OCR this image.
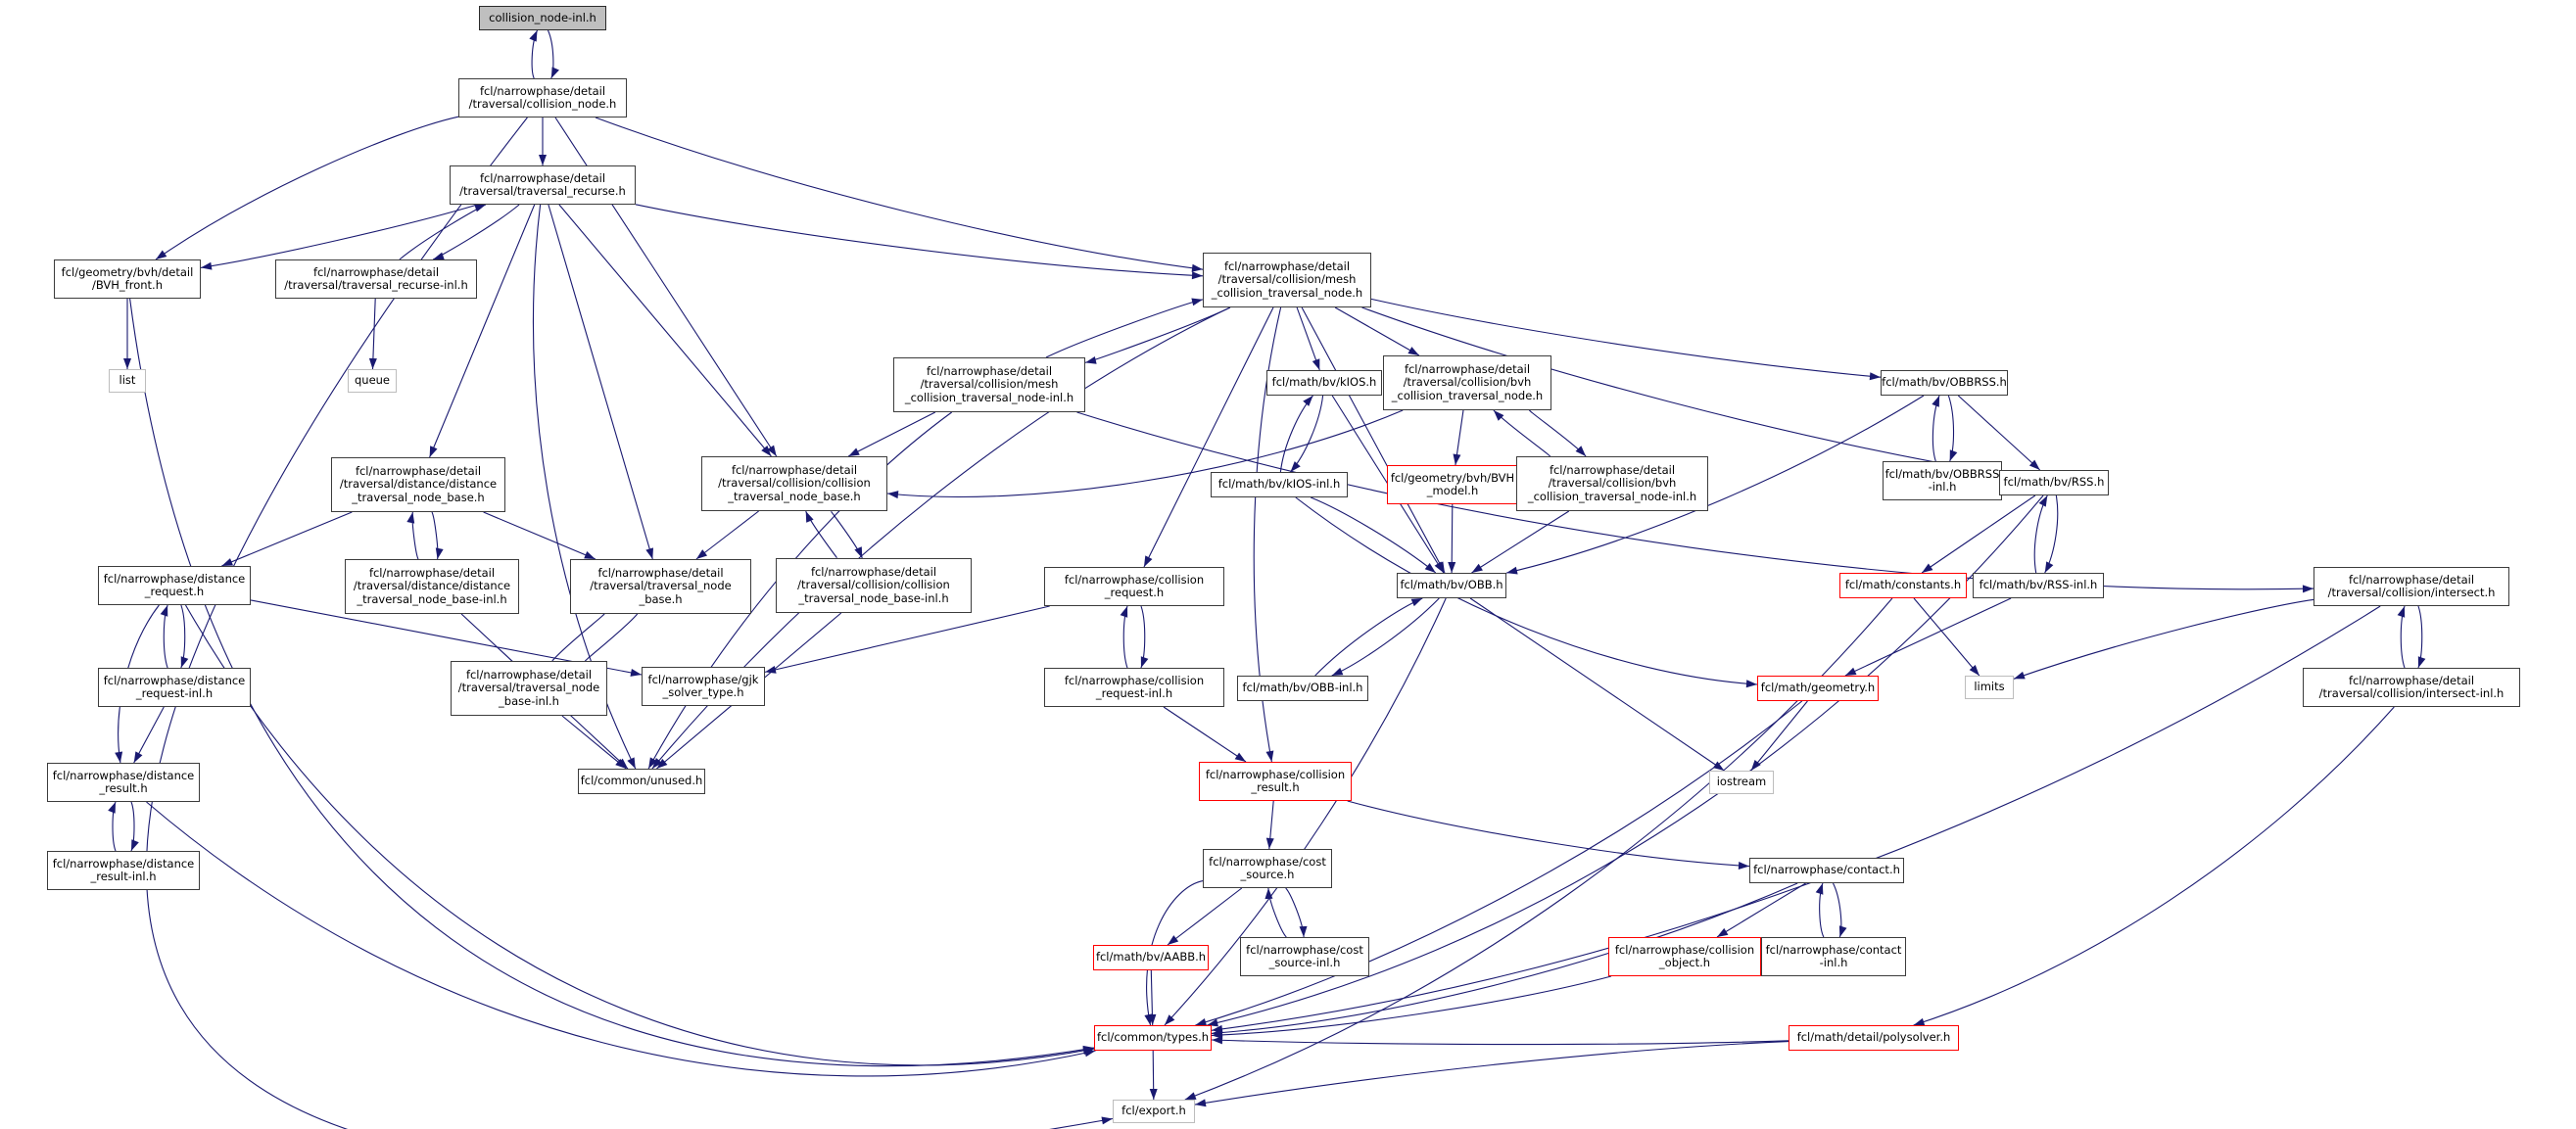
collision_node-inl.h
fcl/narrowphase/detail
/traversal/collision_node.h
fcl/narrowphase/detail
/traversal/traversal_recurse.h
fcl/geometry/bvh/detail
/BVH_front.h
list
fcl/narrowphase/detail
/traversal/traversal_recurse-inl.h
queue
fcl/narrowphase/detail
/traversal/collision/mesh
_collision_traversal_node.h
fcl/narrowphase/detail
/traversal/collision/mesh
_collision_traversal_node-inl.h
fcl/math/bv/kIOS.h
fcl/narrowphase/detail
/traversal/collision/bvh
_collision_traversal_node.h
fcl/math/bv/OBBRSS.h
fcl/math/bv/kIOS-inl.h	fcl/geometry/bvh/BVH
_model.h
fcl/narrowphase/detail
/traversal/collision/bvh
_collision_traversal_node-inl.h
fcl/math/bv/OBBRSS
-inl.h	fcl/math/bv/RSS.h
fcl/narrowphase/detail
/traversal/distance/distance
_traversal_node_base.h
fcl/narrowphase/detail
/traversal/collision/collision
_traversal_node_base.h
fcl/narrowphase/distance
_request.h
fcl/narrowphase/detail
/traversal/distance/distance
_traversal_node_base-inl.h
fcl/narrowphase/detail
/traversal/traversal_node
_base.h
fcl/narrowphase/detail
/traversal/collision/collision
_traversal_node_base-inl.h
fcl/narrowphase/collision
_request.h
fcl/math/bv/OBB.h	fcl/math/constants.h fcl/math/bv/RSS-inl.h	fcl/narrowphase/detail
/traversal/collision/intersect.h
fcl/narrowphase/distance
_request-inl.h
fcl/narrowphase/detail
/traversal/traversal_node
_base-inl.h
fcl/narrowphase/gjk
_solver_type.h
fcl/narrowphase/collision
_request-inl.h	fcl/math/bv/OBB-inl.h	fcl/math/geometry.h	limits	fcl/narrowphase/detail
/traversal/collision/intersect-inl.h
fcl/narrowphase/distance
_result.h
fcl/common/unused.h	fcl/narrowphase/collision
_result.h	iostream
fcl/narrowphase/distance
_result-inl.h
fcl/narrowphase/cost
_source.h	fcl/narrowphase/contact.h
fcl/math/bv/AABB.h
fcl/narrowphase/cost
_source-inl.h
fcl/narrowphase/collision
_object.h
fcl/narrowphase/contact
-inl.h
fcl/common/types.h	fcl/math/detail/polysolver.h
fcl/export.h
